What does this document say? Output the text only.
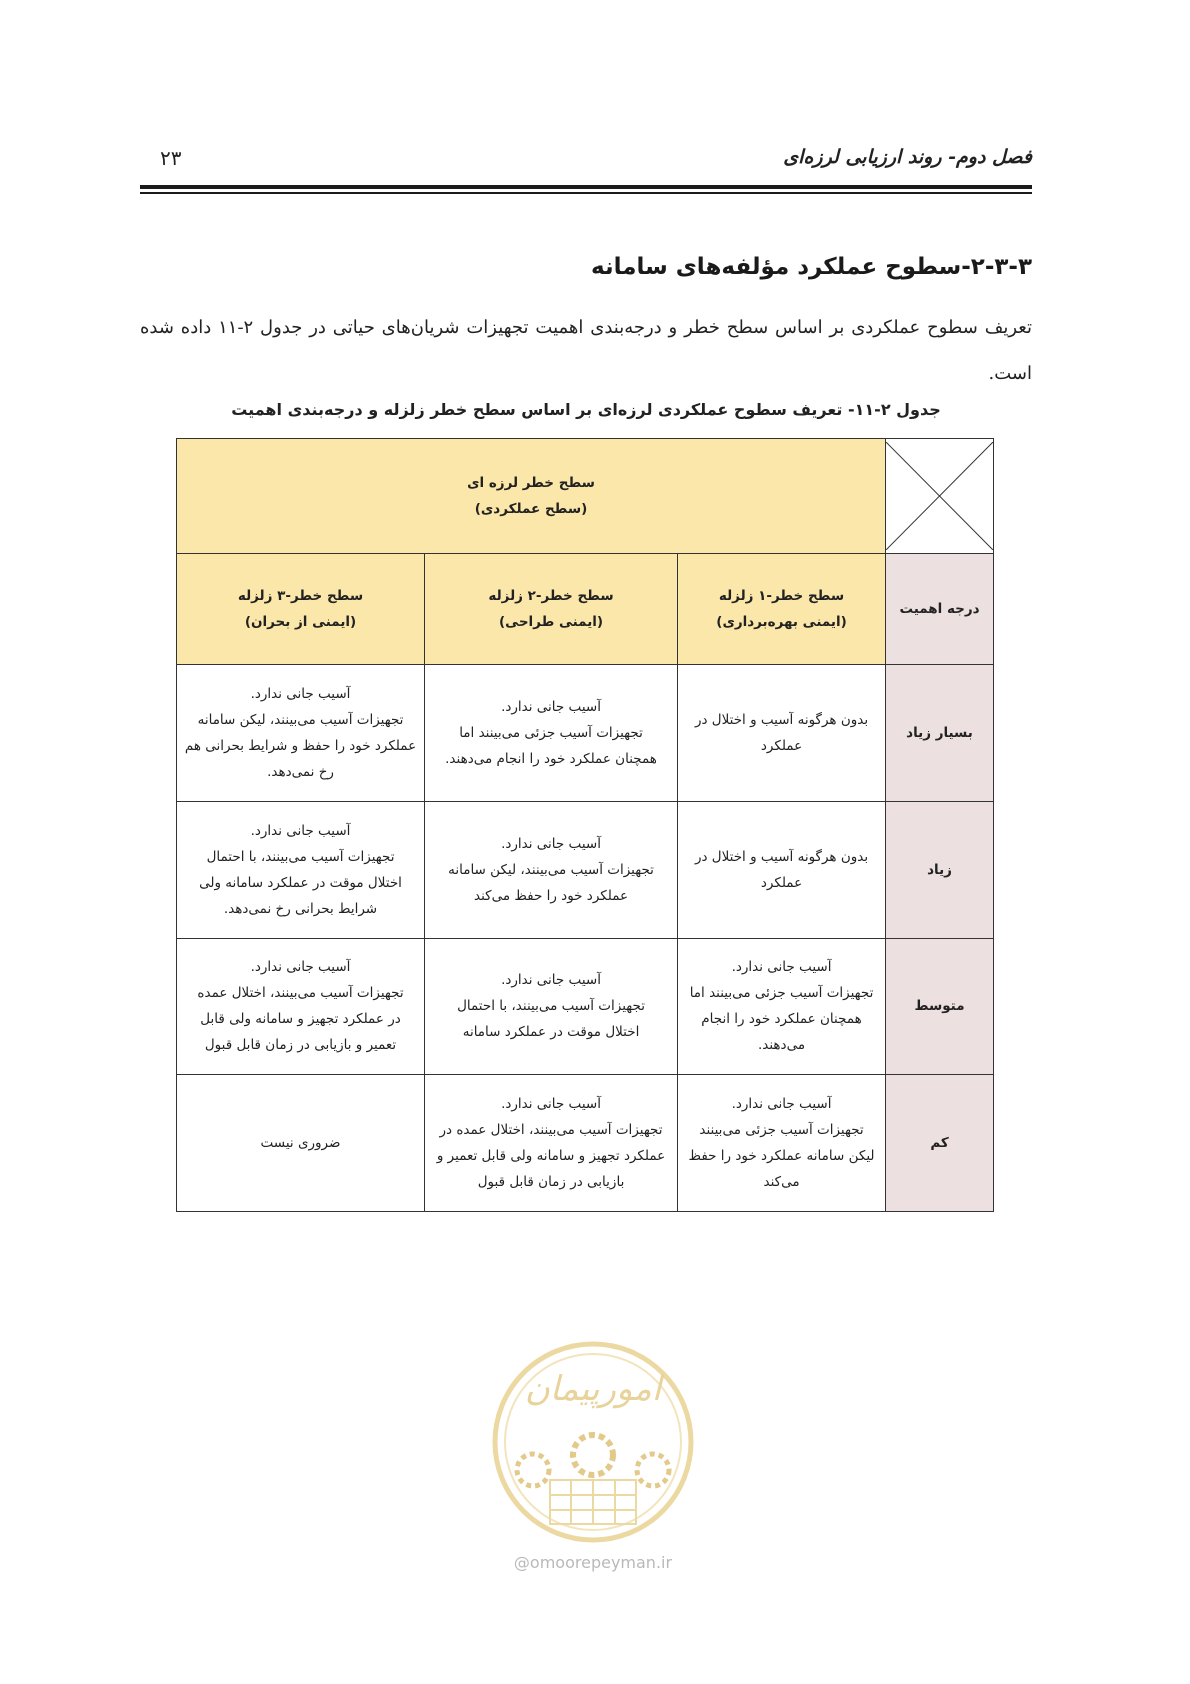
فصل دوم- روند ارزیابی لرزه‌ای
۲۳
۲-۳-۳-سطوح عملکرد مؤلفه‌های سامانه
تعریف سطوح عملکردی بر اساس سطح خطر و درجه‌بندی اهمیت تجهیزات شریان‌های حیاتی در جدول ۲-۱۱ داده شده است.
جدول ۲-۱۱- تعریف سطوح عملکردی لرزه‌ای بر اساس سطح خطر زلزله و درجه‌بندی اهمیت

سطح خطر لرزه ای
(سطح عملکردی)		

درجه اهمیت	سطح خطر-۱ زلزله
(ایمنی بهره‌برداری)	سطح خطر-۲ زلزله
(ایمنی طراحی)	سطح خطر-۳ زلزله
(ایمنی از بحران)

بسیار زیاد	بدون هرگونه آسیب و اختلال در
عملکرد	آسیب جانی ندارد.
تجهیزات آسیب جزئی می‌بینند اما
همچنان عملکرد خود را انجام می‌دهند.	آسیب جانی ندارد.
تجهیزات آسیب می‌بینند، لیکن سامانه
عملکرد خود را حفظ و شرایط بحرانی هم
رخ نمی‌دهد.

زیاد	بدون هرگونه آسیب و اختلال در
عملکرد	آسیب جانی ندارد.
تجهیزات آسیب می‌بینند، لیکن سامانه
عملکرد خود را حفظ می‌کند	آسیب جانی ندارد.
تجهیزات آسیب می‌بینند، با احتمال
اختلال موقت در عملکرد سامانه ولی
شرایط بحرانی رخ نمی‌دهد.

متوسط	آسیب جانی ندارد.
تجهیزات آسیب جزئی می‌بینند اما
همچنان عملکرد خود را انجام
می‌دهند.	آسیب جانی ندارد.
تجهیزات آسیب می‌بینند، با احتمال
اختلال موقت در عملکرد سامانه	آسیب جانی ندارد.
تجهیزات آسیب می‌بینند، اختلال عمده
در عملکرد تجهیز و سامانه ولی قابل
تعمیر و بازیابی در زمان قابل قبول

کم	آسیب جانی ندارد.
تجهیزات آسیب جزئی می‌بینند
لیکن سامانه عملکرد خود را حفظ
می‌کند	آسیب جانی ندارد.
تجهیزات آسیب می‌بینند، اختلال عمده در
عملکرد تجهیز و سامانه ولی قابل تعمیر و
بازیابی در زمان قابل قبول	ضروری نیست
امورپیمان
@omoorepeyman.ir
